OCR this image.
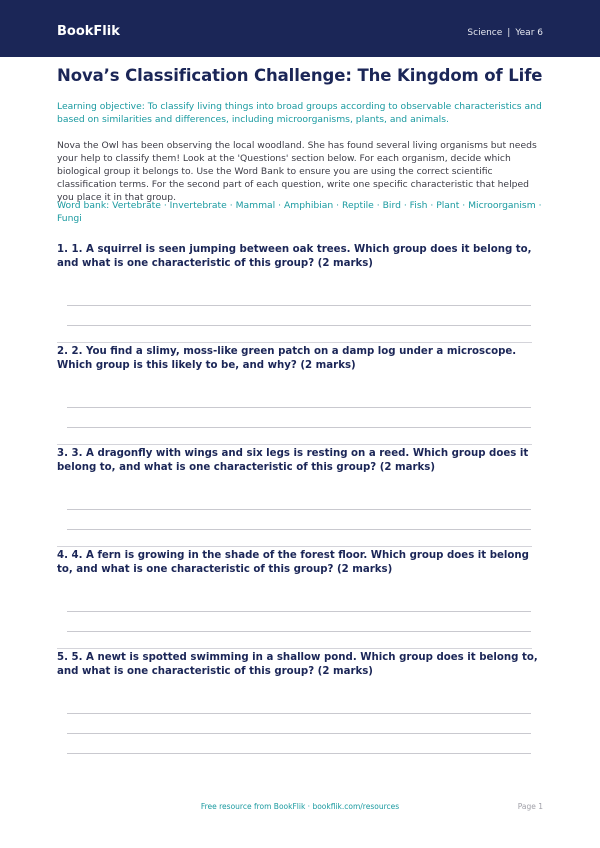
BookFlik	Science | Year 6
Nova’s Classification Challenge: The Kingdom of Life
Learning objective: To classify living things into broad groups according to observable characteristics and based on similarities and differences, including microorganisms, plants, and animals.
Nova the Owl has been observing the local woodland. She has found several living organisms but needs your help to classify them! Look at the 'Questions' section below. For each organism, decide which biological group it belongs to. Use the Word Bank to ensure you are using the correct scientific classification terms. For the second part of each question, write one specific characteristic that helped you place it in that group.
Word bank: Vertebrate · Invertebrate · Mammal · Amphibian · Reptile · Bird · Fish · Plant · Microorganism · Fungi
1. 1. A squirrel is seen jumping between oak trees. Which group does it belong to, and what is one characteristic of this group? (2 marks)
2. 2. You find a slimy, moss-like green patch on a damp log under a microscope. Which group is this likely to be, and why? (2 marks)
3. 3. A dragonfly with wings and six legs is resting on a reed. Which group does it belong to, and what is one characteristic of this group? (2 marks)
4. 4. A fern is growing in the shade of the forest floor. Which group does it belong to, and what is one characteristic of this group? (2 marks)
5. 5. A newt is spotted swimming in a shallow pond. Which group does it belong to, and what is one characteristic of this group? (2 marks)
Free resource from BookFlik · bookflik.com/resources	Page 1
